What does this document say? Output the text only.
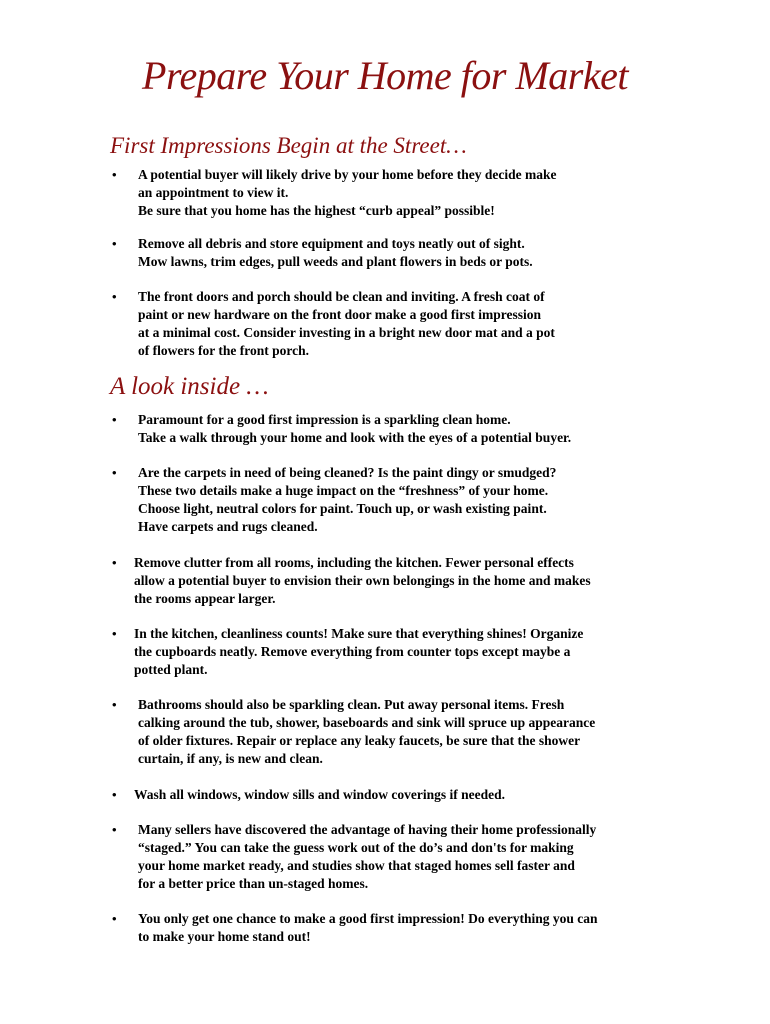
Prepare Your Home for Market
First Impressions Begin at the Street…
A look inside …
• A potential buyer will likely drive by your home before they decide make
an appointment to view it.
Be sure that you home has the highest “curb appeal” possible!
• Remove all debris and store equipment and toys neatly out of sight.
Mow lawns, trim edges, pull weeds and plant flowers in beds or pots.
• The front doors and porch should be clean and inviting. A fresh coat of
paint or new hardware on the front door make a good first impression
at a minimal cost. Consider investing in a bright new door mat and a pot
of flowers for the front porch.
• Paramount for a good first impression is a sparkling clean home.
Take a walk through your home and look with the eyes of a potential buyer.
• Are the carpets in need of being cleaned? Is the paint dingy or smudged?
These two details make a huge impact on the “freshness” of your home.
Choose light, neutral colors for paint. Touch up, or wash existing paint.
Have carpets and rugs cleaned.
• Remove clutter from all rooms, including the kitchen. Fewer personal effects
allow a potential buyer to envision their own belongings in the home and makes
the rooms appear larger.
• In the kitchen, cleanliness counts! Make sure that everything shines! Organize
the cupboards neatly. Remove everything from counter tops except maybe a
potted plant.
• Bathrooms should also be sparkling clean. Put away personal items. Fresh
calking around the tub, shower, baseboards and sink will spruce up appearance
of older fixtures. Repair or replace any leaky faucets, be sure that the shower
curtain, if any, is new and clean.
• Wash all windows, window sills and window coverings if needed.
• Many sellers have discovered the advantage of having their home professionally
“staged.” You can take the guess work out of the do’s and don'ts for making
your home market ready, and studies show that staged homes sell faster and
for a better price than un-staged homes.
• You only get one chance to make a good first impression! Do everything you can
to make your home stand out!
